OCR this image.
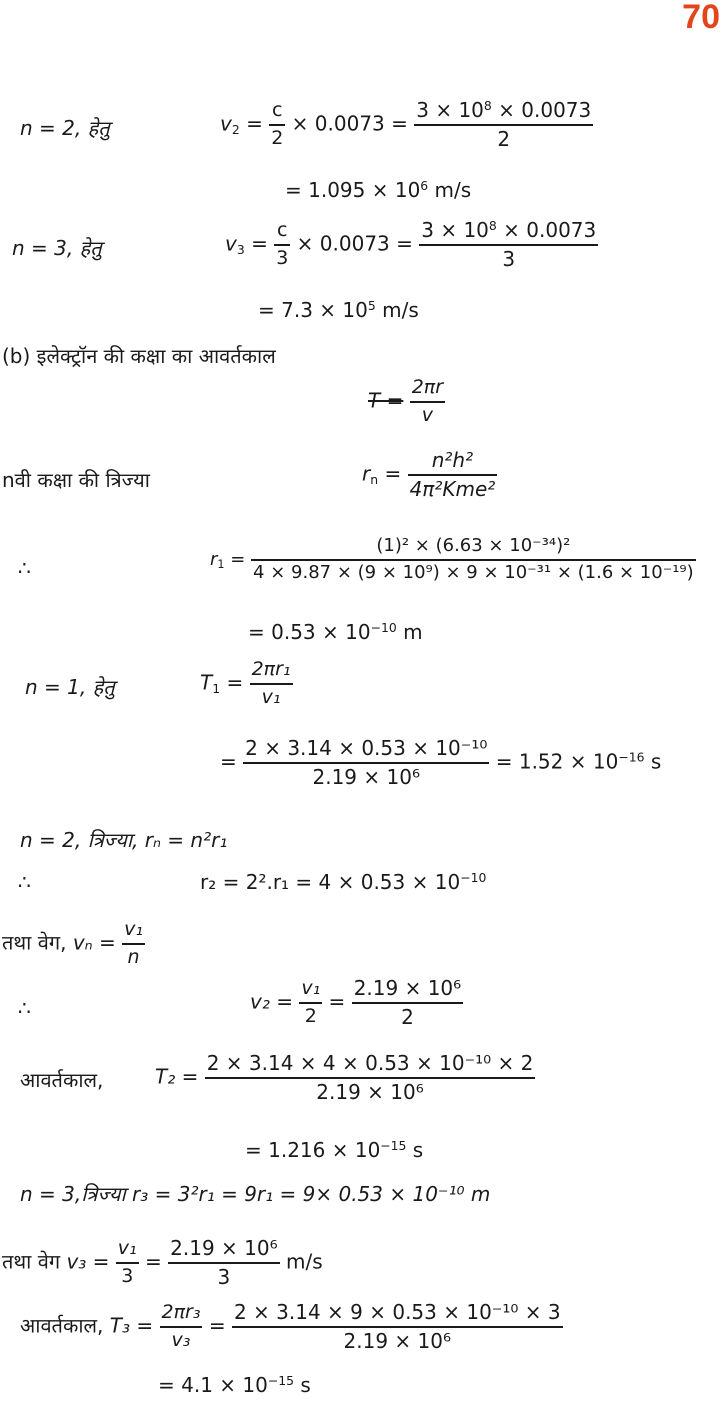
70
n = 2, हेतु	$v_2 = \frac{c}{2} \times 0.0073 = \frac{3 \times 10^8 \times 0.0073}{2}$
= $1.095 \times 10^6$ m/s
n = 3, हेतु	$v_3 = \frac{c}{3} \times 0.0073 = \frac{3 \times 10^8 \times 0.0073}{3}$
= $7.3 \times 10^5$ m/s
(b) इलेक्ट्रॉन की कक्षा का आवर्तकाल
$T = \frac{2\pi r}{v}$
nवी कक्षा की त्रिज्या	$r_n = \frac{\text{n²h²}}{\text{4π²Kme²}}$
∴	$r_1 = \frac{\text{(1)² × (6.63 × 10⁻³⁴)²}}{\text{4 × 9.87 × (9 × 10⁹) × 9 × 10⁻³¹ × (1.6 × 10⁻¹⁹)}}$
= $0.53 \times 10^{-10}$ m
n = 1, हेतु	$T_1 = \frac{\text{2πr₁}}{\text{v₁}}$
= $\frac{\text{2 × 3.14 × 0.53 × 10⁻¹⁰}}{\text{2.19 × 10⁶}} = 1.52 \times 10^{-16}$ s
n = 2, त्रिज्या, rₙ = n²r₁
∴	$r_2 = 2^2.r_1 = 4 \times 0.53 \times 10^{-10}$
तथा वेग, $v_n = \frac{\text{v₁}}{n}$
∴	$v_2 = \frac{\text{v₁}}{2} = \frac{\text{2.19 × 10⁶}}{2}$
आवर्तकाल,	$T_2 = \frac{\text{2 × 3.14 × 4 × 0.53 × 10⁻¹⁰ × 2}}{\text{2.19 × 10⁶}}$
= $1.216 \times 10^{-15}$ s
n = 3,त्रिज्या r₃ = 3²r₁ = 9r₁ = 9× 0.53 × 10⁻¹⁰ m
तथा वेग $v_3 = \frac{\text{v₁}}{3} = \frac{\text{2.19 × 10⁶}}{3} m/s$
आवर्तकाल, $T_3 = \frac{\text{2πr₃}}{\text{v₃}} = \frac{\text{2 × 3.14 × 9 × 0.53 × 10⁻¹⁰ × 3}}{\text{2.19 × 10⁶}}$
= $4.1 \times 10^{-15}$ s
